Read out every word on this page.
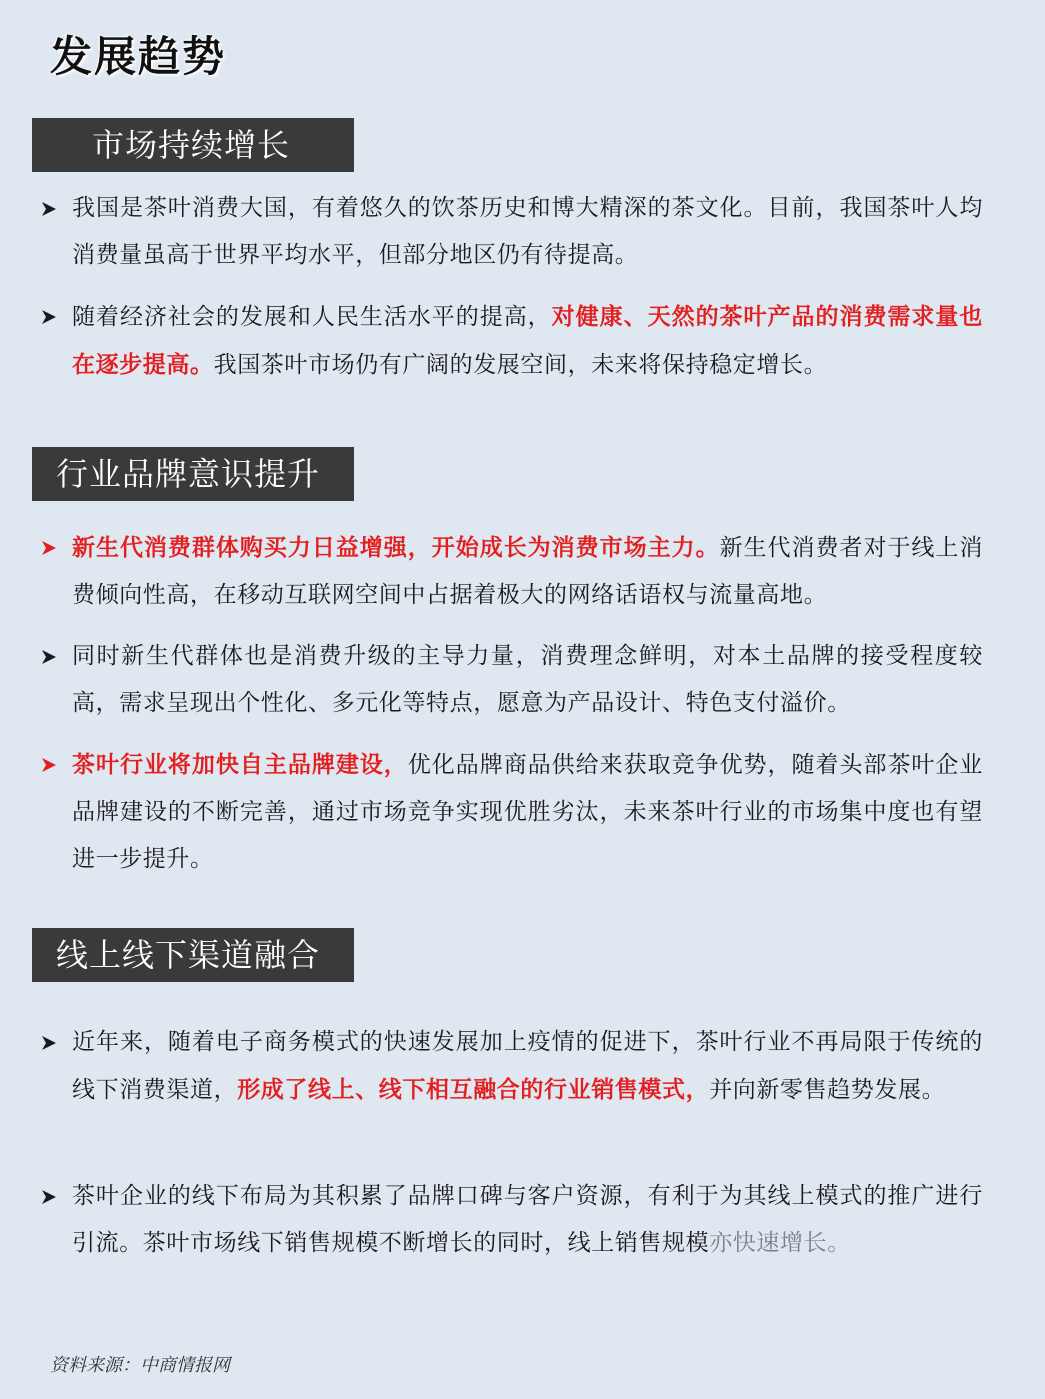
发展趋势
市场持续增长
我国是茶叶消费大国，有着悠久的饮茶历史和博大精深的茶文化。目前，我国茶叶人均消费量虽高于世界平均水平，但部分地区仍有待提高。
随着经济社会的发展和人民生活水平的提高，对健康、天然的茶叶产品的消费需求量也在逐步提高。我国茶叶市场仍有广阔的发展空间，未来将保持稳定增长。
行业品牌意识提升
新生代消费群体购买力日益增强，开始成长为消费市场主力。新生代消费者对于线上消费倾向性高，在移动互联网空间中占据着极大的网络话语权与流量高地。
同时新生代群体也是消费升级的主导力量，消费理念鲜明，对本土品牌的接受程度较高，需求呈现出个性化、多元化等特点，愿意为产品设计、特色支付溢价。
茶叶行业将加快自主品牌建设，优化品牌商品供给来获取竞争优势，随着头部茶叶企业品牌建设的不断完善，通过市场竞争实现优胜劣汰，未来茶叶行业的市场集中度也有望进一步提升。
线上线下渠道融合
近年来，随着电子商务模式的快速发展加上疫情的促进下，茶叶行业不再局限于传统的线下消费渠道，形成了线上、线下相互融合的行业销售模式，并向新零售趋势发展。
茶叶企业的线下布局为其积累了品牌口碑与客户资源，有利于为其线上模式的推广进行引流。茶叶市场线下销售规模不断增长的同时，线上销售规模亦快速增长。
资料来源：中商情报网
